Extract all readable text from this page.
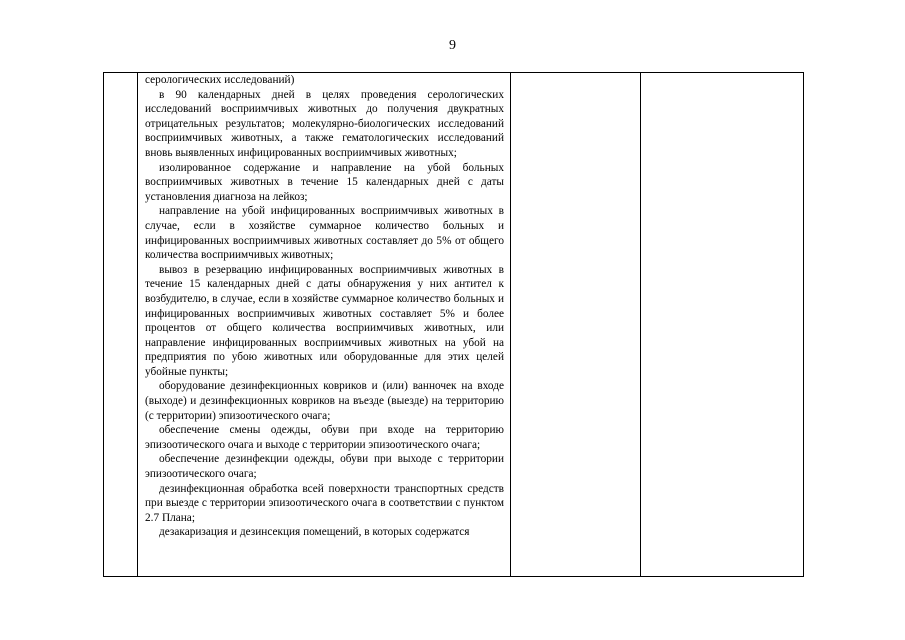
9

серологических исследований)

в 90 календарных дней в целях проведения серологических исследований восприимчивых животных до получения двукратных отрицательных результатов; молекулярно-биологических исследований восприимчивых животных, а также гематологических исследований вновь выявленных инфицированных восприимчивых животных;

изолированное содержание и направление на убой больных восприимчивых животных в течение 15 календарных дней с даты установления диагноза на лейкоз;

направление на убой инфицированных восприимчивых животных в случае, если в хозяйстве суммарное количество больных и инфицированных восприимчивых животных составляет до 5% от общего количества восприимчивых животных;

вывоз в резервацию инфицированных восприимчивых животных в течение 15 календарных дней с даты обнаружения у них антител к возбудителю, в случае, если в хозяйстве суммарное количество больных и инфицированных восприимчивых животных составляет 5% и более процентов от общего количества восприимчивых животных, или направление инфицированных восприимчивых животных на убой на предприятия по убою животных или оборудованные для этих целей убойные пункты;

оборудование дезинфекционных ковриков и (или) ванночек на входе (выходе) и дезинфекционных ковриков на въезде (выезде) на территорию (с территории) эпизоотического очага;

обеспечение смены одежды, обуви при входе на территорию эпизоотического очага и выходе с территории эпизоотического очага;

обеспечение дезинфекции одежды, обуви при выходе с территории эпизоотического очага;

дезинфекционная обработка всей поверхности транспортных средств при выезде с территории эпизоотического очага в соответствии с пунктом 2.7 Плана;

дезакаризация и дезинсекция помещений, в которых содержатся
